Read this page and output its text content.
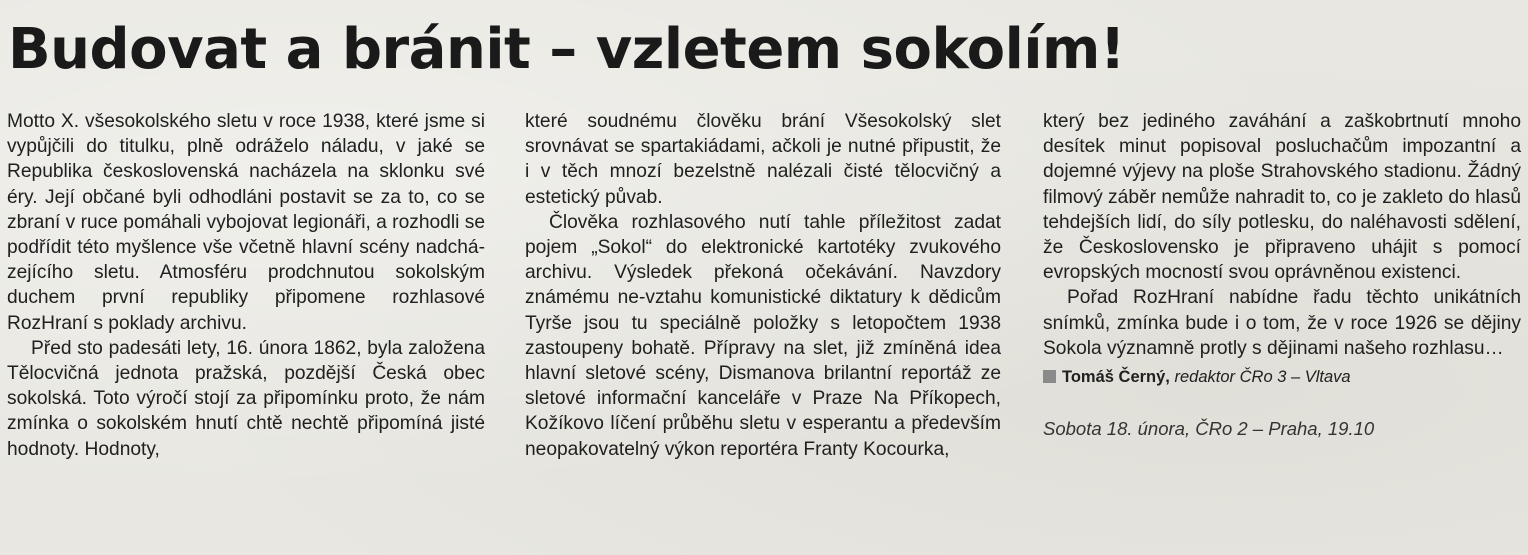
Budovat a bránit – vzletem sokolím!

Motto X. všesokolského sletu v roce 1938, které jsme si vypůjčili do titulku, plně odráželo náladu, v jaké se Republika československá nacházela na sklonku své éry. Její občané byli odhodláni postavit se za to, co se zbraní v ruce pomáhali vybojovat legionáři, a rozhodli se podřídit této myšlence vše včetně hlavní scény nadcházejícího sletu. Atmosféru prodchnutou sokolským duchem první republiky připomene rozhlasové RozHraní s poklady archivu.

Před sto padesáti lety, 16. února 1862, byla založena Tělocvičná jednota pražská, pozdější Česká obec sokolská. Toto výročí stojí za připomínku proto, že nám zmínka o sokolském hnutí chtě nechtě připomíná jisté hodnoty. Hodnoty,

které soudnému člověku brání Všesokolský slet srovnávat se spartakiádami, ačkoli je nutné připustit, že i v těch mnozí bezelstně nalézali čisté tělocvičný a estetický půvab.

Člověka rozhlasového nutí tahle příležitost zadat pojem „Sokol“ do elektronické kartotéky zvukového archivu. Výsledek překoná očekávání. Navzdory známému ne-vztahu komunistické diktatury k dědicům Tyrše jsou tu speciálně položky s letopočtem 1938 zastoupeny bohatě. Přípravy na slet, již zmíněná idea hlavní sletové scény, Dismanova brilantní reportáž ze sletové informační kanceláře v Praze Na Příkopech, Kožíkovo líčení průběhu sletu v esperantu a především neopakovatelný výkon reportéra Franty Kocourka,

který bez jediného zaváhání a zaškobrtnutí mnoho desítek minut popisoval posluchačům impozantní a dojemné výjevy na ploše Strahovského stadionu. Žádný filmový záběr nemůže nahradit to, co je zakleto do hlasů tehdejších lidí, do síly potlesku, do naléhavosti sdělení, že Československo je připraveno uhájit s pomocí evropských mocností svou oprávněnou existenci.

Pořad RozHraní nabídne řadu těchto unikátních snímků, zmínka bude i o tom, že v roce 1926 se dějiny Sokola významně protly s dějinami našeho rozhlasu…

Tomáš Černý, redaktor ČRo 3 – Vltava
Sobota 18. února, ČRo 2 – Praha, 19.10
